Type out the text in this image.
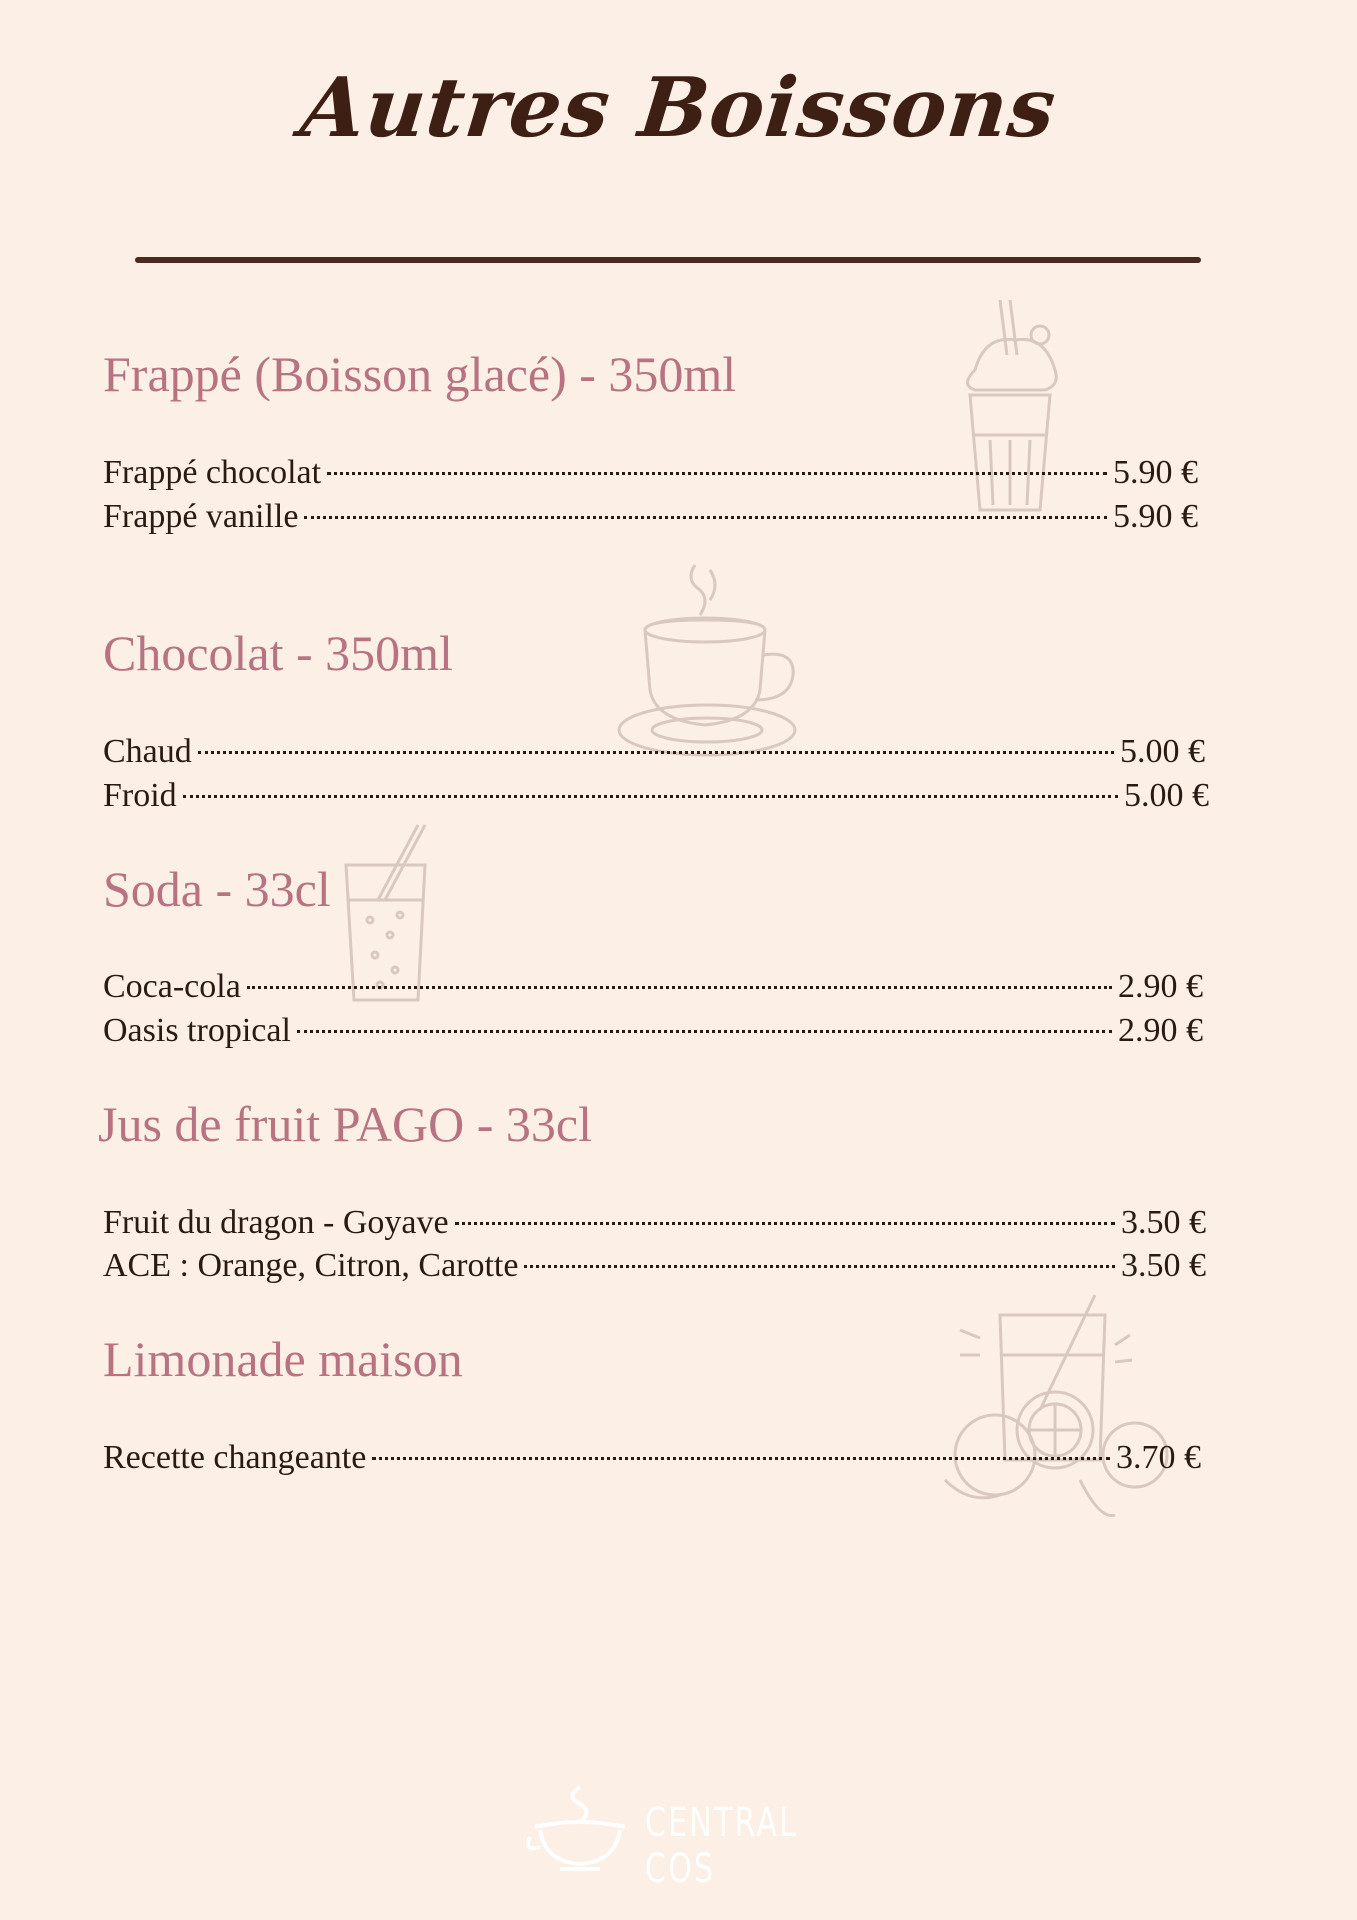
Autres Boissons
Frappé (Boisson glacé) - 350ml
Frappé chocolat	5.90 €
Frappé vanille	5.90 €
Chocolat - 350ml
Chaud	5.00 €
Froid	5.00 €
Soda - 33cl
Coca-cola	2.90 €
Oasis tropical	2.90 €
Jus de fruit PAGO - 33cl
Fruit du dragon - Goyave	3.50 €
ACE : Orange, Citron, Carotte	3.50 €
Limonade maison
Recette changeante	3.70 €
CENTRAL COS
